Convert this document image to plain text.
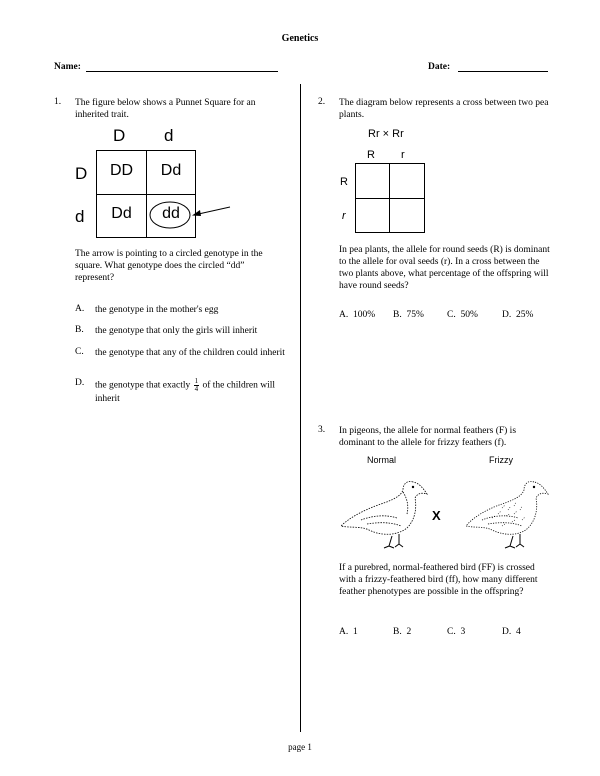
Genetics
Name:	Date:
1. The figure below shows a Punnet Square for an inherited trait.
D d
D
d
DD	Dd
Dd	dd
The arrow is pointing to a circled genotype in the square. What genotype does the circled “dd” represent?
A. the genotype in the mother's egg
B. the genotype that only the girls will inherit
C. the genotype that any of the children could inherit
D. the genotype that exactly $\frac{1}{4}$ of the children will inherit
2. The diagram below represents a cross between two pea plants.
Rr × Rr
R r
R
r
In pea plants, the allele for round seeds (R) is dominant to the allele for oval seeds (r). In a cross between the two plants above, what percentage of the offspring will have round seeds?
A. 100%	B. 75%	C. 50%	D. 25%
3. In pigeons, the allele for normal feathers (F) is dominant to the allele for frizzy feathers (f).
Normal	Frizzy
X
If a purebred, normal-feathered bird (FF) is crossed with a frizzy-feathered bird (ff), how many different feather phenotypes are possible in the offspring?
A. 1	B. 2	C. 3	D. 4
page 1
